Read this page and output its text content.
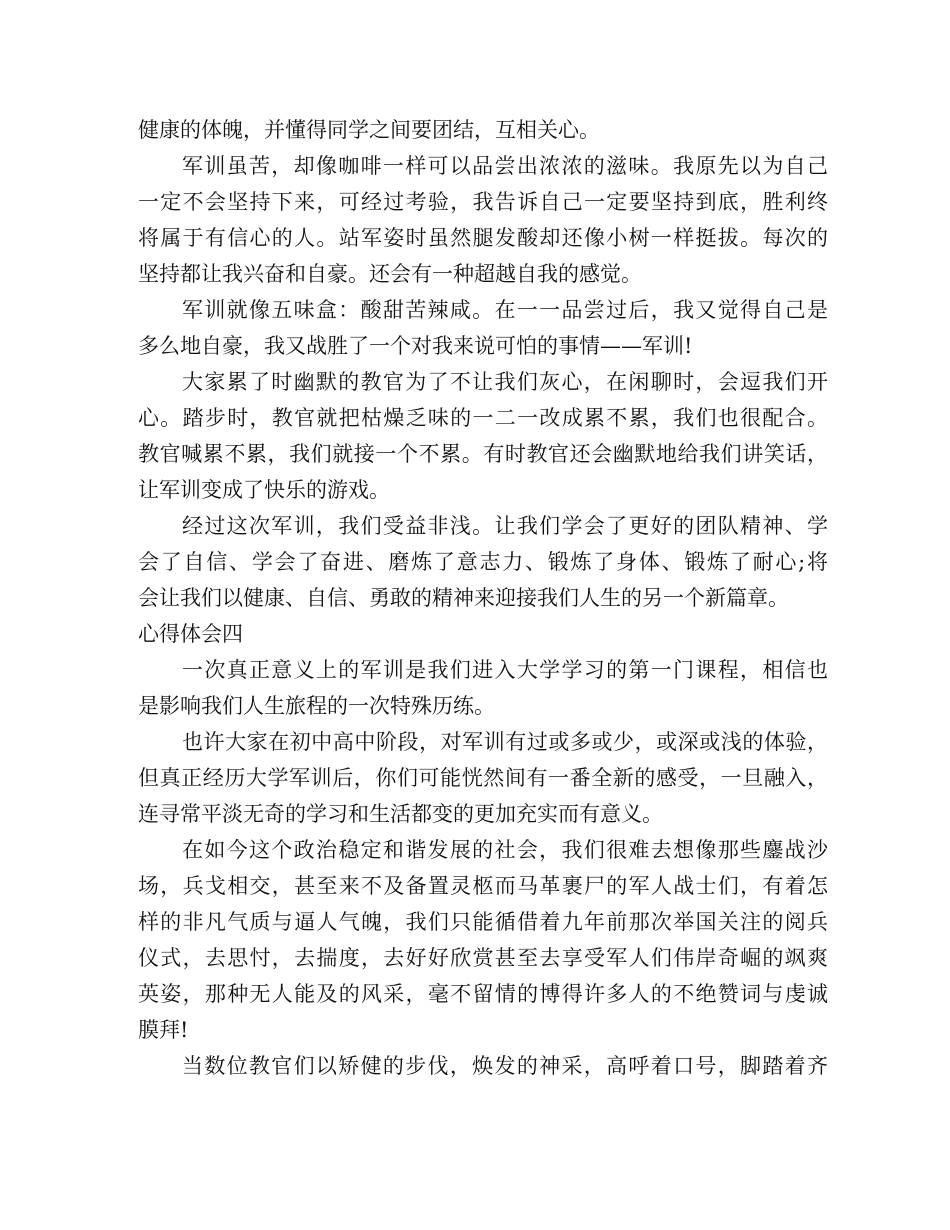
健康的体魄，并懂得同学之间要团结，互相关心。
军训虽苦，却像咖啡一样可以品尝出浓浓的滋味。我原先以为自己
一定不会坚持下来，可经过考验，我告诉自己一定要坚持到底，胜利终
将属于有信心的人。站军姿时虽然腿发酸却还像小树一样挺拔。每次的
坚持都让我兴奋和自豪。还会有一种超越自我的感觉。
军训就像五味盒：酸甜苦辣咸。在一一品尝过后，我又觉得自己是
多么地自豪，我又战胜了一个对我来说可怕的事情——军训!
大家累了时幽默的教官为了不让我们灰心，在闲聊时，会逗我们开
心。踏步时，教官就把枯燥乏味的一二一改成累不累，我们也很配合。
教官喊累不累，我们就接一个不累。有时教官还会幽默地给我们讲笑话，
让军训变成了快乐的游戏。
经过这次军训，我们受益非浅。让我们学会了更好的团队精神、学
会了自信、学会了奋进、磨炼了意志力、锻炼了身体、锻炼了耐心;将
会让我们以健康、自信、勇敢的精神来迎接我们人生的另一个新篇章。
心得体会四
一次真正意义上的军训是我们进入大学学习的第一门课程，相信也
是影响我们人生旅程的一次特殊历练。
也许大家在初中高中阶段，对军训有过或多或少，或深或浅的体验，
但真正经历大学军训后，你们可能恍然间有一番全新的感受，一旦融入，
连寻常平淡无奇的学习和生活都变的更加充实而有意义。
在如今这个政治稳定和谐发展的社会，我们很难去想像那些鏖战沙
场，兵戈相交，甚至来不及备置灵柩而马革裹尸的军人战士们，有着怎
样的非凡气质与逼人气魄，我们只能循借着九年前那次举国关注的阅兵
仪式，去思忖，去揣度，去好好欣赏甚至去享受军人们伟岸奇崛的飒爽
英姿，那种无人能及的风采，毫不留情的博得许多人的不绝赞词与虔诚
膜拜!
当数位教官们以矫健的步伐，焕发的神采，高呼着口号，脚踏着齐
